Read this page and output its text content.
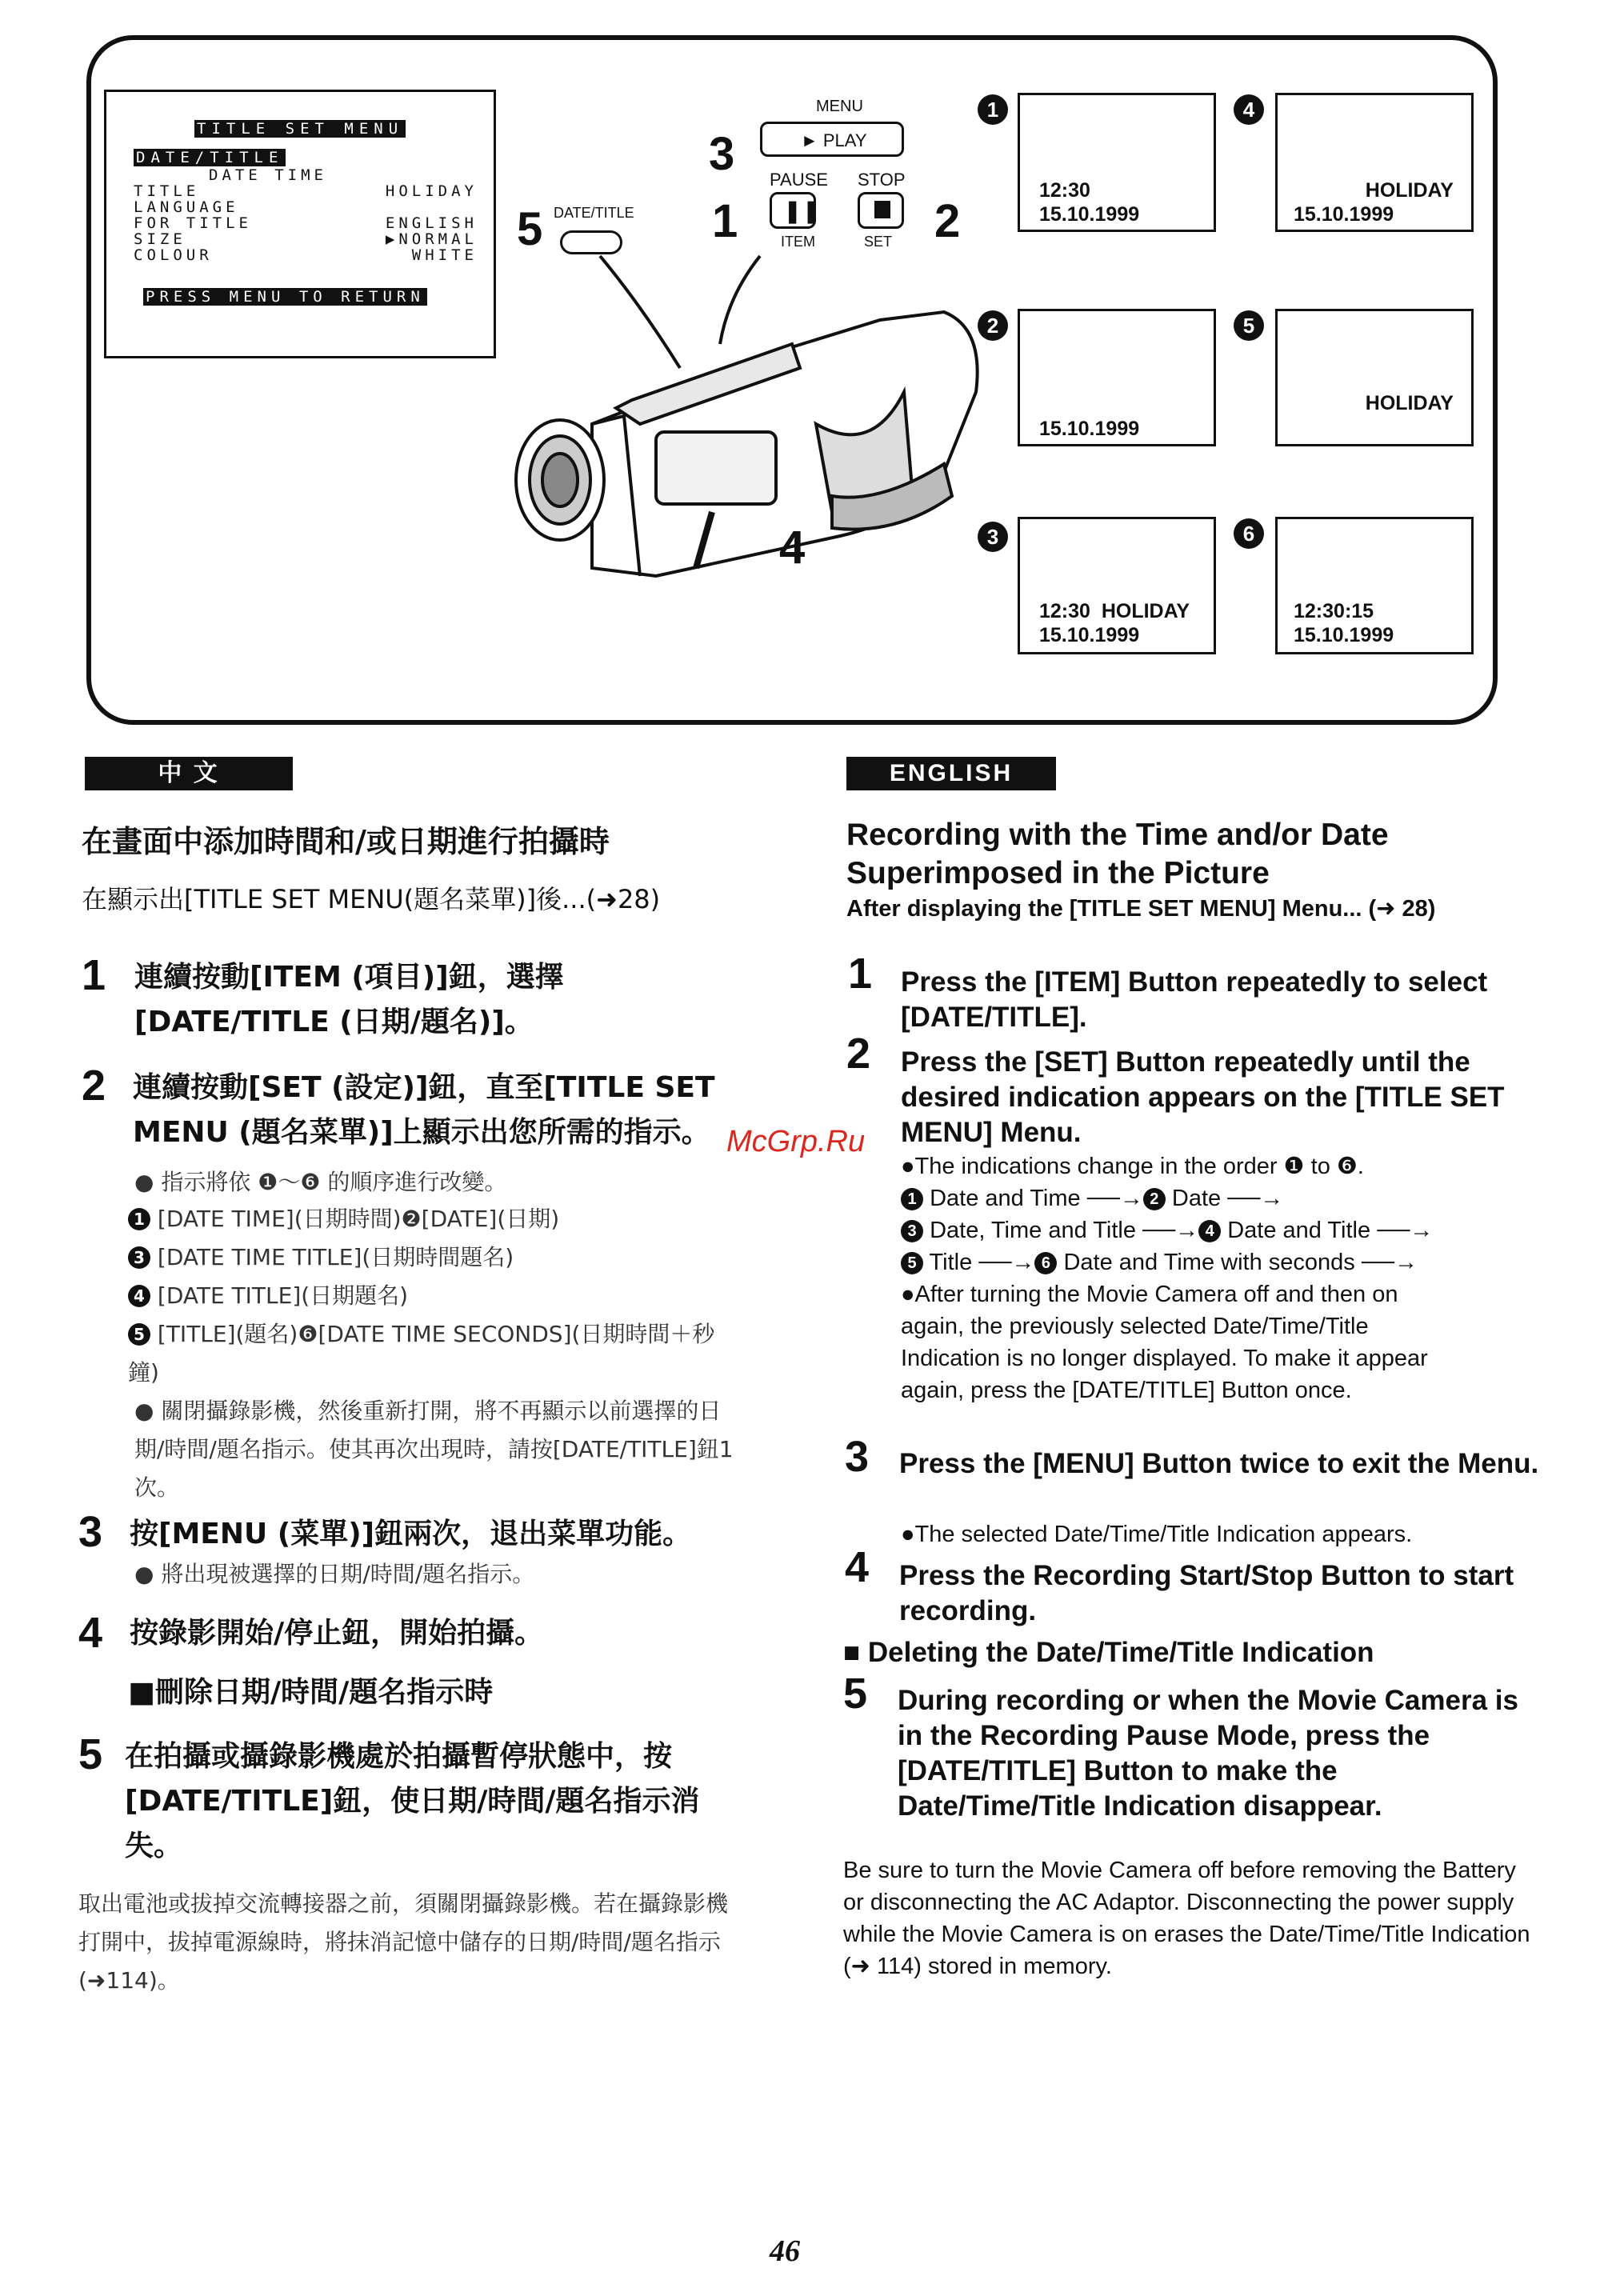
TITLE SET MENU
DATE/TITLE
DATE TIME
TITLE	HOLIDAY
LANGUAGE
FOR TITLE	ENGLISH
SIZE	▶NORMAL
COLOUR	WHITE
PRESS MENU TO RETURN
5 DATE/TITLE
3
MENU
► PLAY
PAUSE STOP
1 ❚❚ 2
ITEM	SET
4
1
12:30
15.10.1999
4
HOLIDAY
15.10.1999
2
15.10.1999
5
HOLIDAY
3
12:30  HOLIDAY
15.10.1999
6
12:30:15
15.10.1999
中 文
在畫面中添加時間和/或日期進行拍攝時
在顯示出[TITLE SET MENU(題名菜單)]後...(➜28)
1 連續按動[ITEM (項目)]鈕，選擇[DATE/TITLE (日期/題名)]。
2 連續按動[SET (設定)]鈕，直至[TITLE SET MENU (題名菜單)]上顯示出您所需的指示。
● 指示將依 ❶～❻ 的順序進行改變。
1 [DATE TIME](日期時間)❷[DATE](日期)
3 [DATE TIME TITLE](日期時間題名)
4 [DATE TITLE](日期題名)
5 [TITLE](題名)❻[DATE TIME SECONDS](日期時間＋秒鐘)
● 關閉攝錄影機，然後重新打開，將不再顯示以前選擇的日期/時間/題名指示。使其再次出現時，請按[DATE/TITLE]鈕1次。
3 按[MENU (菜單)]鈕兩次，退出菜單功能。
● 將出現被選擇的日期/時間/題名指示。
4 按錄影開始/停止鈕，開始拍攝。
■刪除日期/時間/題名指示時
5 在拍攝或攝錄影機處於拍攝暫停狀態中，按[DATE/TITLE]鈕，使日期/時間/題名指示消失。
取出電池或拔掉交流轉接器之前，須關閉攝錄影機。若在攝錄影機打開中，拔掉電源線時，將抹消記憶中儲存的日期/時間/題名指示(➜114)。
McGrp.Ru
ENGLISH
Recording with the Time and/or Date Superimposed in the Picture
After displaying the [TITLE SET MENU] Menu... (➜ 28)
1 Press the [ITEM] Button repeatedly to select [DATE/TITLE].
2 Press the [SET] Button repeatedly until the desired indication appears on the [TITLE SET MENU] Menu.
●The indications change in the order ❶ to ❻.
1 Date and Time ──→ 2 Date ──→
3 Date, Time and Title ──→ 4 Date and Title ──→
5 Title ──→ 6 Date and Time with seconds ──→
●After turning the Movie Camera off and then on again, the previously selected Date/Time/Title Indication is no longer displayed. To make it appear again, press the [DATE/TITLE] Button once.
3 Press the [MENU] Button twice to exit the Menu.
●The selected Date/Time/Title Indication appears.
4 Press the Recording Start/Stop Button to start recording.
■ Deleting the Date/Time/Title Indication
5 During recording or when the Movie Camera is in the Recording Pause Mode, press the [DATE/TITLE] Button to make the Date/Time/Title Indication disappear.
Be sure to turn the Movie Camera off before removing the Battery or disconnecting the AC Adaptor. Disconnecting the power supply while the Movie Camera is on erases the Date/Time/Title Indication (➜ 114) stored in memory.
46
